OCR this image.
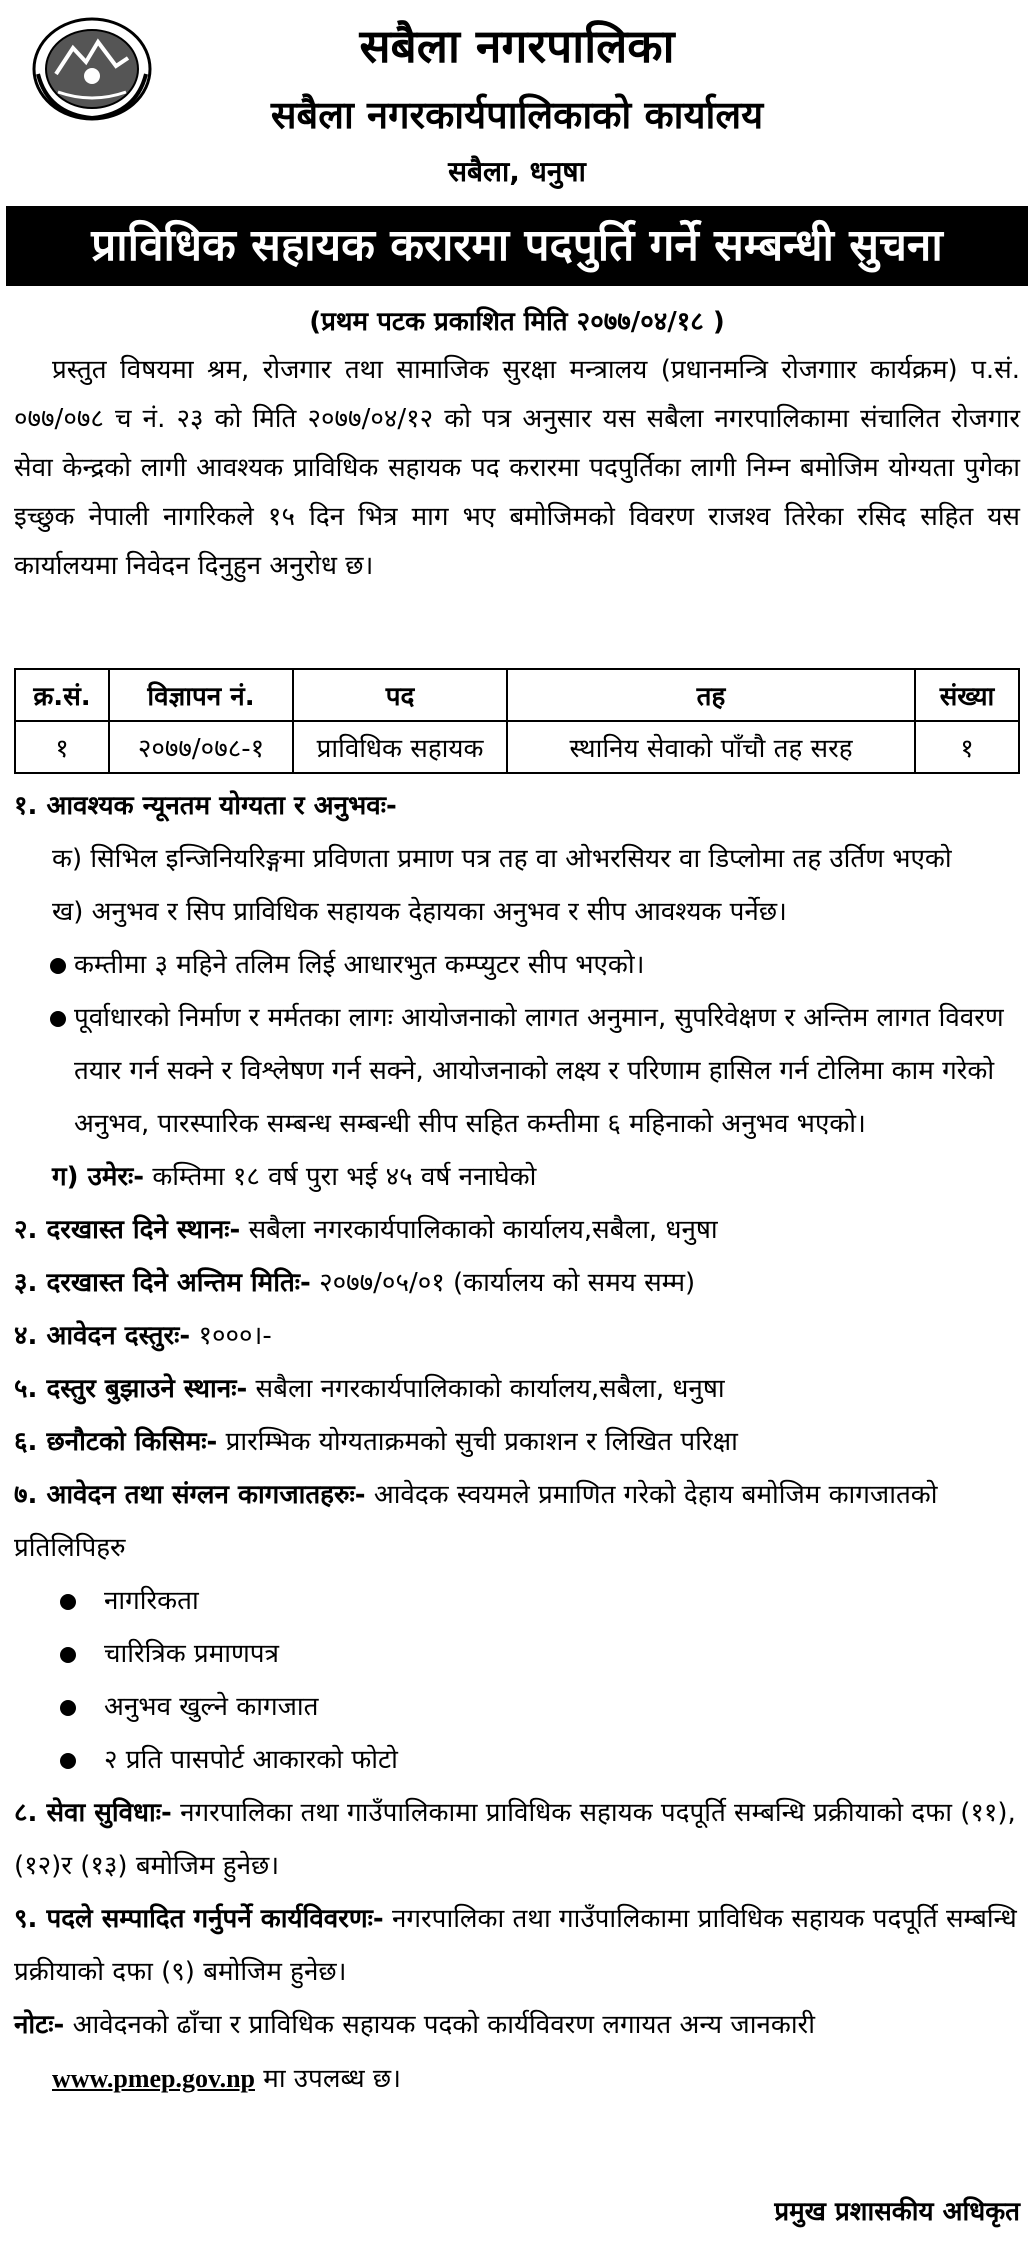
सबैला नगरपालिका
सबैला नगरकार्यपालिकाको कार्यालय
सबैला, धनुषा
प्राविधिक सहायक करारमा पदपुर्ति गर्ने सम्बन्धी सुचना
(प्रथम पटक प्रकाशित मिति २०७७/०४/१८ )
प्रस्तुत विषयमा श्रम, रोजगार तथा सामाजिक सुरक्षा मन्त्रालय (प्रधानमन्त्रि रोजगाार कार्यक्रम) प.सं. ०७७/०७८ च नं. २३ को मिति २०७७/०४/१२ को पत्र अनुसार यस सबैला नगरपालिकामा संचालित रोजगार सेवा केन्द्रको लागी आवश्यक प्राविधिक सहायक पद करारमा पदपुर्तिका लागी निम्न बमोजिम योग्यता पुगेका इच्छुक नेपाली नागरिकले १५ दिन भित्र माग भए बमोजिमको विवरण राजश्व तिरेका रसिद सहित यस कार्यालयमा निवेदन दिनुहुन अनुरोध छ।
क्र.सं.	विज्ञापन नं.	पद	तह	संख्या
१	२०७७/०७८-१	प्राविधिक सहायक	स्थानिय सेवाको पाँचौ तह सरह	१

१. आवश्यक न्यूनतम योग्यता र अनुभवः-

क) सिभिल इन्जिनियरिङ्गमा प्रविणता प्रमाण पत्र तह वा ओभरसियर वा डिप्लोमा तह उर्तिण भएको

ख) अनुभव र सिप प्राविधिक सहायक देहायका अनुभव र सीप आवश्यक पर्नेछ।

कम्तीमा ३ महिने तलिम लिई आधारभुत कम्प्युटर सीप भएको।

पूर्वाधारको निर्माण र मर्मतका लागः आयोजनाको लागत अनुमान, सुपरिवेक्षण र अन्तिम लागत विवरण तयार गर्न सक्ने र विश्लेषण गर्न सक्ने, आयोजनाको लक्ष्य र परिणाम हासिल गर्न टोलिमा काम गरेको अनुभव, पारस्पारिक सम्बन्ध सम्बन्धी सीप सहित कम्तीमा ६ महिनाको अनुभव भएको।

ग) उमेरः- कम्तिमा १८ वर्ष पुरा भई ४५ वर्ष ननाघेको

२. दरखास्त दिने स्थानः- सबैला नगरकार्यपालिकाको कार्यालय,सबैला, धनुषा

३. दरखास्त दिने अन्तिम मितिः- २०७७/०५/०१ (कार्यालय को समय सम्म)

४. आवेदन दस्तुरः- १०००।-

५. दस्तुर बुझाउने स्थानः- सबैला नगरकार्यपालिकाको कार्यालय,सबैला, धनुषा

६. छनौटको किसिमः- प्रारम्भिक योग्यताक्रमको सुची प्रकाशन र लिखित परिक्षा

७. आवेदन तथा संग्लन कागजातहरुः- आवेदक स्वयमले प्रमाणित गरेको देहाय बमोजिम कागजातको प्रतिलिपिहरु

नागरिकता

चारित्रिक प्रमाणपत्र

अनुभव खुल्ने कागजात

२ प्रति पासपोर्ट आकारको फोटो

८. सेवा सुविधाः- नगरपालिका तथा गाउँपालिकामा प्राविधिक सहायक पदपूर्ति सम्बन्धि प्रक्रीयाको दफा (११),(१२)र (१३) बमोजिम हुनेछ।

९. पदले सम्पादित गर्नुपर्ने कार्यविवरणः- नगरपालिका तथा गाउँपालिकामा प्राविधिक सहायक पदपूर्ति सम्बन्धि प्रक्रीयाको दफा (९) बमोजिम हुनेछ।

नोटः- आवेदनको ढाँचा र प्राविधिक सहायक पदको कार्यविवरण लगायत अन्य जानकारी

www.pmep.gov.np मा उपलब्ध छ।

प्रमुख प्रशासकीय अधिकृत
